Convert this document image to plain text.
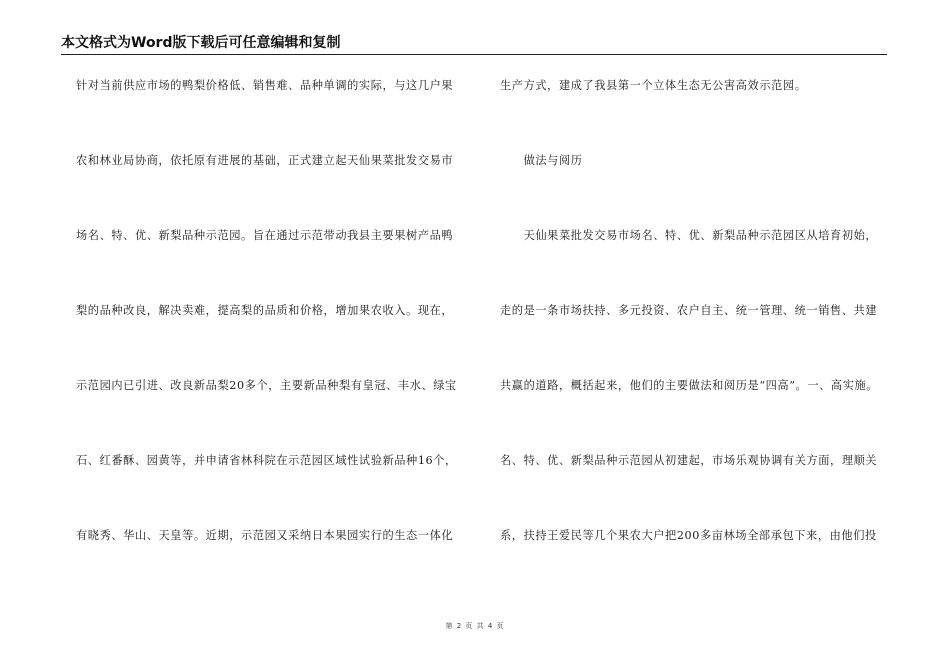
本文格式为Word版下载后可任意编辑和复制
针对当前供应市场的鸭梨价格低、销售难、品种单调的实际，与这几户果
农和林业局协商，依托原有进展的基础，正式建立起天仙果菜批发交易市
场名、特、优、新梨品种示范园。旨在通过示范带动我县主要果树产品鸭
梨的品种改良，解决卖难，提高梨的品质和价格，增加果农收入。现在，
示范园内已引进、改良新品梨20多个，主要新品种梨有皇冠、丰水、绿宝
石、红番酥、园黄等，并申请省林科院在示范园区域性试验新品种16个，
有晓秀、华山、天皇等。近期，示范园又采纳日本果园实行的生态一体化
生产方式，建成了我县第一个立体生态无公害高效示范园。
　　做法与阅历
　　天仙果菜批发交易市场名、特、优、新梨品种示范园区从培育初始，
走的是一条市场扶持、多元投资、农户自主、统一管理、统一销售、共建
共赢的道路，概括起来，他们的主要做法和阅历是“四高”。一、高实施。
名、特、优、新梨品种示范园从初建起，市场乐观协调有关方面，理顺关
系，扶持王爱民等几个果农大户把200多亩林场全部承包下来，由他们投
第 2 页 共 4 页
